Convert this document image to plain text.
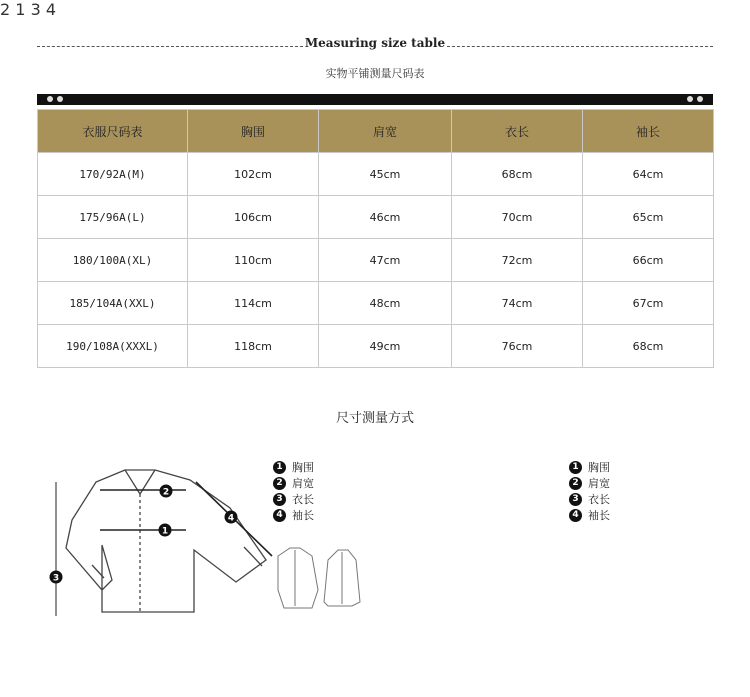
Measuring size table
实物平铺测量尺码表
衣服尺码表	胸围	肩宽	衣长	袖长
170/92A(M)	102cm	45cm	68cm	64cm
175/96A(L)	106cm	46cm	70cm	65cm
180/100A(XL)	110cm	47cm	72cm	66cm
185/104A(XXL)	114cm	48cm	74cm	67cm
190/108A(XXXL)	118cm	49cm	76cm	68cm
尺寸测量方式
2
1
4
3
2 1 3 4
1 胸围
2 肩宽
3 衣长
4 袖长
1 胸围
2 肩宽
3 衣长
4 袖长
